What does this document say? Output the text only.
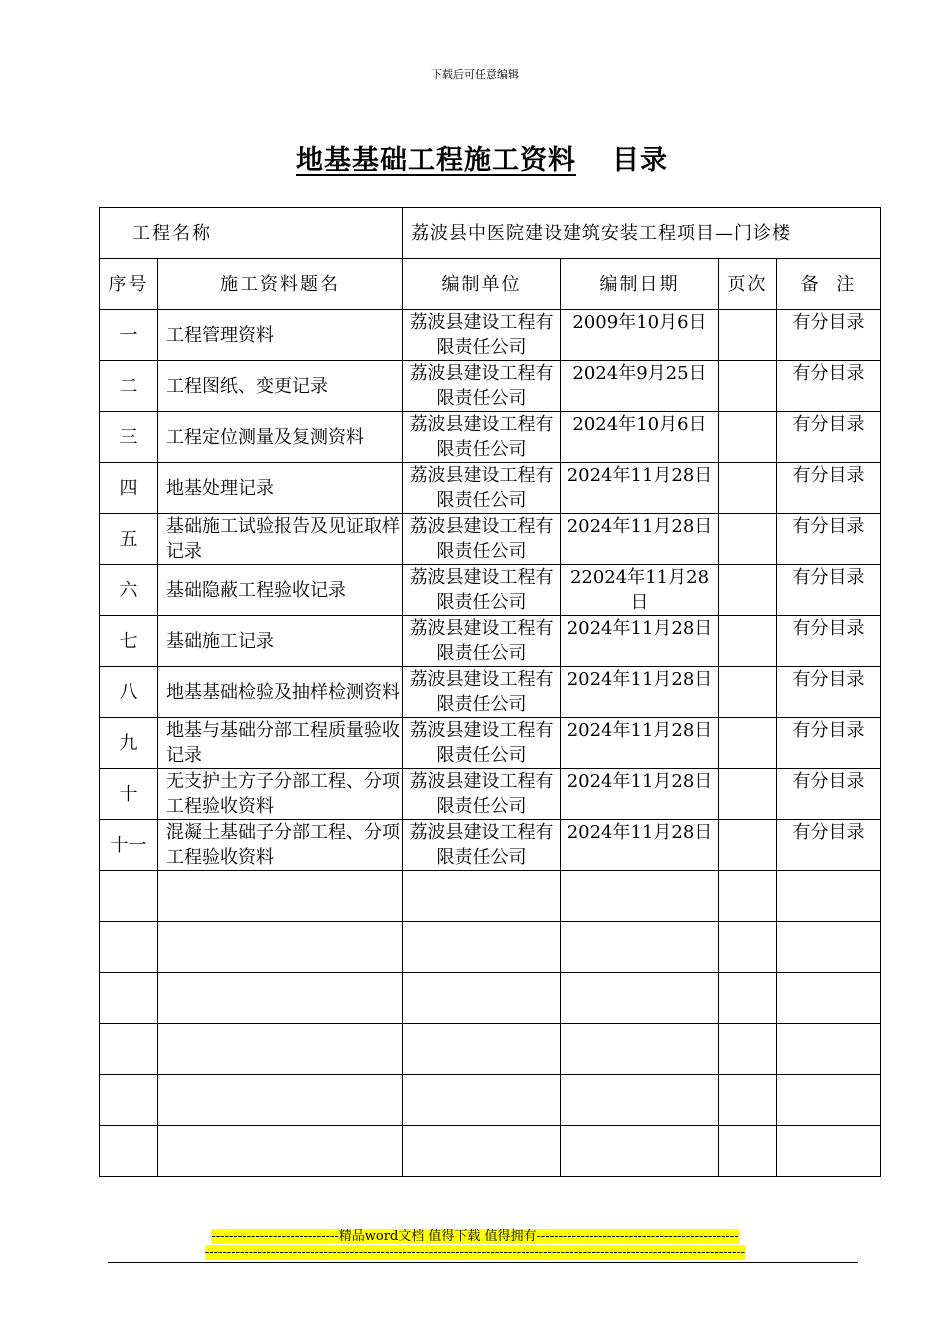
下载后可任意编辑
地基基础工程施工资料 目录
工程名称		荔波县中医院建设建筑安装工程项目—门诊楼			
序号	施工资料题名	编制单位	编制日期	页次	备  注
一	工程管理资料	荔波县建设工程有限责任公司	2009年10月6日		有分目录
二	工程图纸、变更记录	荔波县建设工程有限责任公司	2024年9月25日		有分目录
三	工程定位测量及复测资料	荔波县建设工程有限责任公司	2024年10月6日		有分目录
四	地基处理记录	荔波县建设工程有限责任公司	2024年11月28日		有分目录
五	基础施工试验报告及见证取样记录	荔波县建设工程有限责任公司	2024年11月28日		有分目录
六	基础隐蔽工程验收记录	荔波县建设工程有限责任公司	22024年11月28日		有分目录
七	基础施工记录	荔波县建设工程有限责任公司	2024年11月28日		有分目录
八	地基基础检验及抽样检测资料	荔波县建设工程有限责任公司	2024年11月28日		有分目录
九	地基与基础分部工程质量验收记录	荔波县建设工程有限责任公司	2024年11月28日		有分目录
十	无支护土方子分部工程、分项工程验收资料	荔波县建设工程有限责任公司	2024年11月28日		有分目录
十一	混凝土基础子分部工程、分项工程验收资料	荔波县建设工程有限责任公司	2024年11月28日		有分目录

-----------------------------精品word文档 值得下载 值得拥有----------------------------------------------
---------------------------------------------------------------------------------------------------------------------------
